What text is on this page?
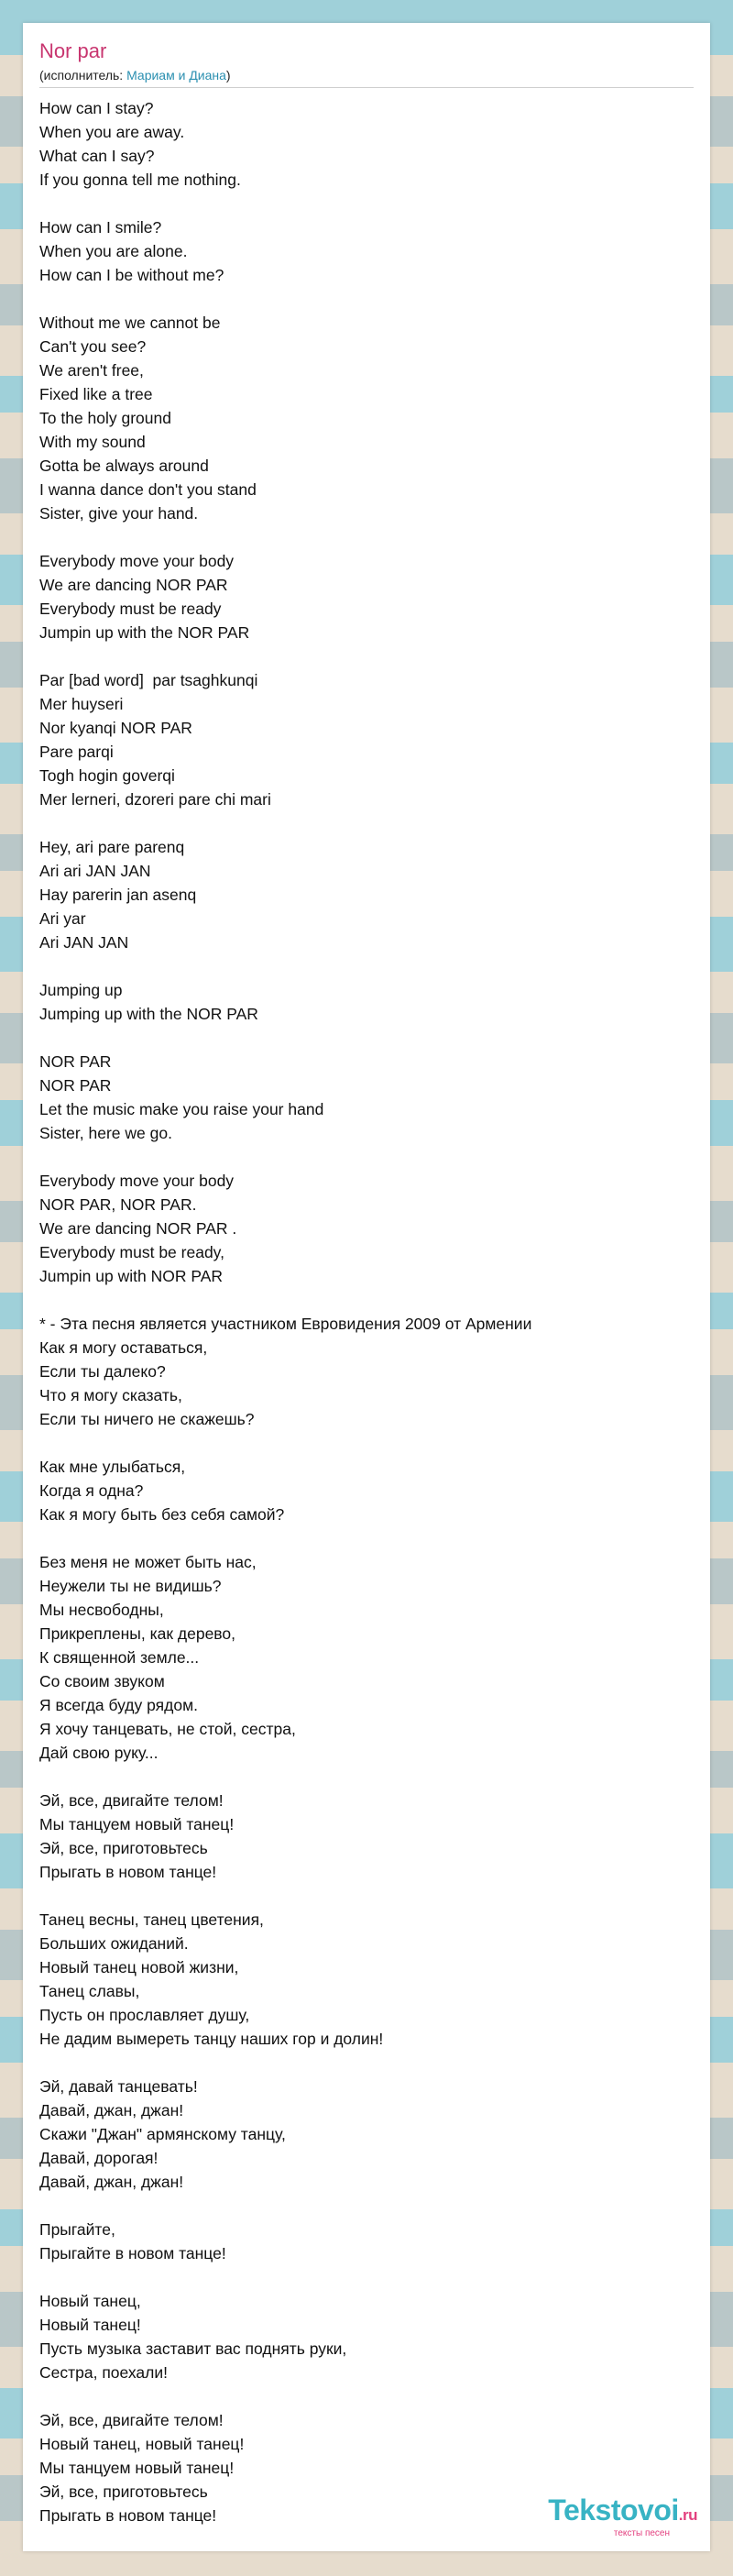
Nor par
(исполнитель: Мариам и Диана)
How can I stay?
When you are away.
What can I say?
If you gonna tell me nothing.
How can I smile?
When you are alone.
How can I be without me?
Without me we cannot be
Can't you see?
We aren't free,
Fixed like a tree
To the holy ground
With my sound
Gotta be always around
I wanna dance don't you stand
Sister, give your hand.
Everybody move your body
We are dancing NOR PAR
Everybody must be ready
Jumpin up with the NOR PAR
Par [bad word]  par tsaghkunqi
Mer huyseri
Nor kyanqi NOR PAR
Pare parqi
Togh hogin goverqi
Mer lerneri, dzoreri pare chi mari
Hey, ari pare parenq
Ari ari JAN JAN
Hay parerin jan asenq
Ari yar
Ari JAN JAN
Jumping up
Jumping up with the NOR PAR
NOR PAR
NOR PAR
Let the music make you raise your hand
Sister, here we go.
Everybody move your body
NOR PAR, NOR PAR.
We are dancing NOR PAR .
Everybody must be ready,
Jumpin up with NOR PAR
* - Эта песня является участником Евровидения 2009 от Армении
Как я могу оставаться,
Если ты далеко?
Что я могу сказать,
Если ты ничего не скажешь?
Как мне улыбаться,
Когда я одна?
Как я могу быть без себя самой?
Без меня не может быть нас,
Неужели ты не видишь?
Мы несвободны,
Прикреплены, как дерево,
К священной земле...
Со своим звуком
Я всегда буду рядом.
Я хочу танцевать, не стой, сестра,
Дай свою руку...
Эй, все, двигайте телом!
Мы танцуем новый танец!
Эй, все, приготовьтесь
Прыгать в новом танце!
Танец весны, танец цветения,
Больших ожиданий.
Новый танец новой жизни,
Танец славы,
Пусть он прославляет душу,
Не дадим вымереть танцу наших гор и долин!
Эй, давай танцевать!
Давай, джан, джан!
Скажи "Джан" армянскому танцу,
Давай, дорогая!
Давай, джан, джан!
Прыгайте,
Прыгайте в новом танце!
Новый танец,
Новый танец!
Пусть музыка заставит вас поднять руки,
Сестра, поехали!
Эй, все, двигайте телом!
Новый танец, новый танец!
Мы танцуем новый танец!
Эй, все, приготовьтесь
Прыгать в новом танце!	Tekstovoi.ru
тексты песен
